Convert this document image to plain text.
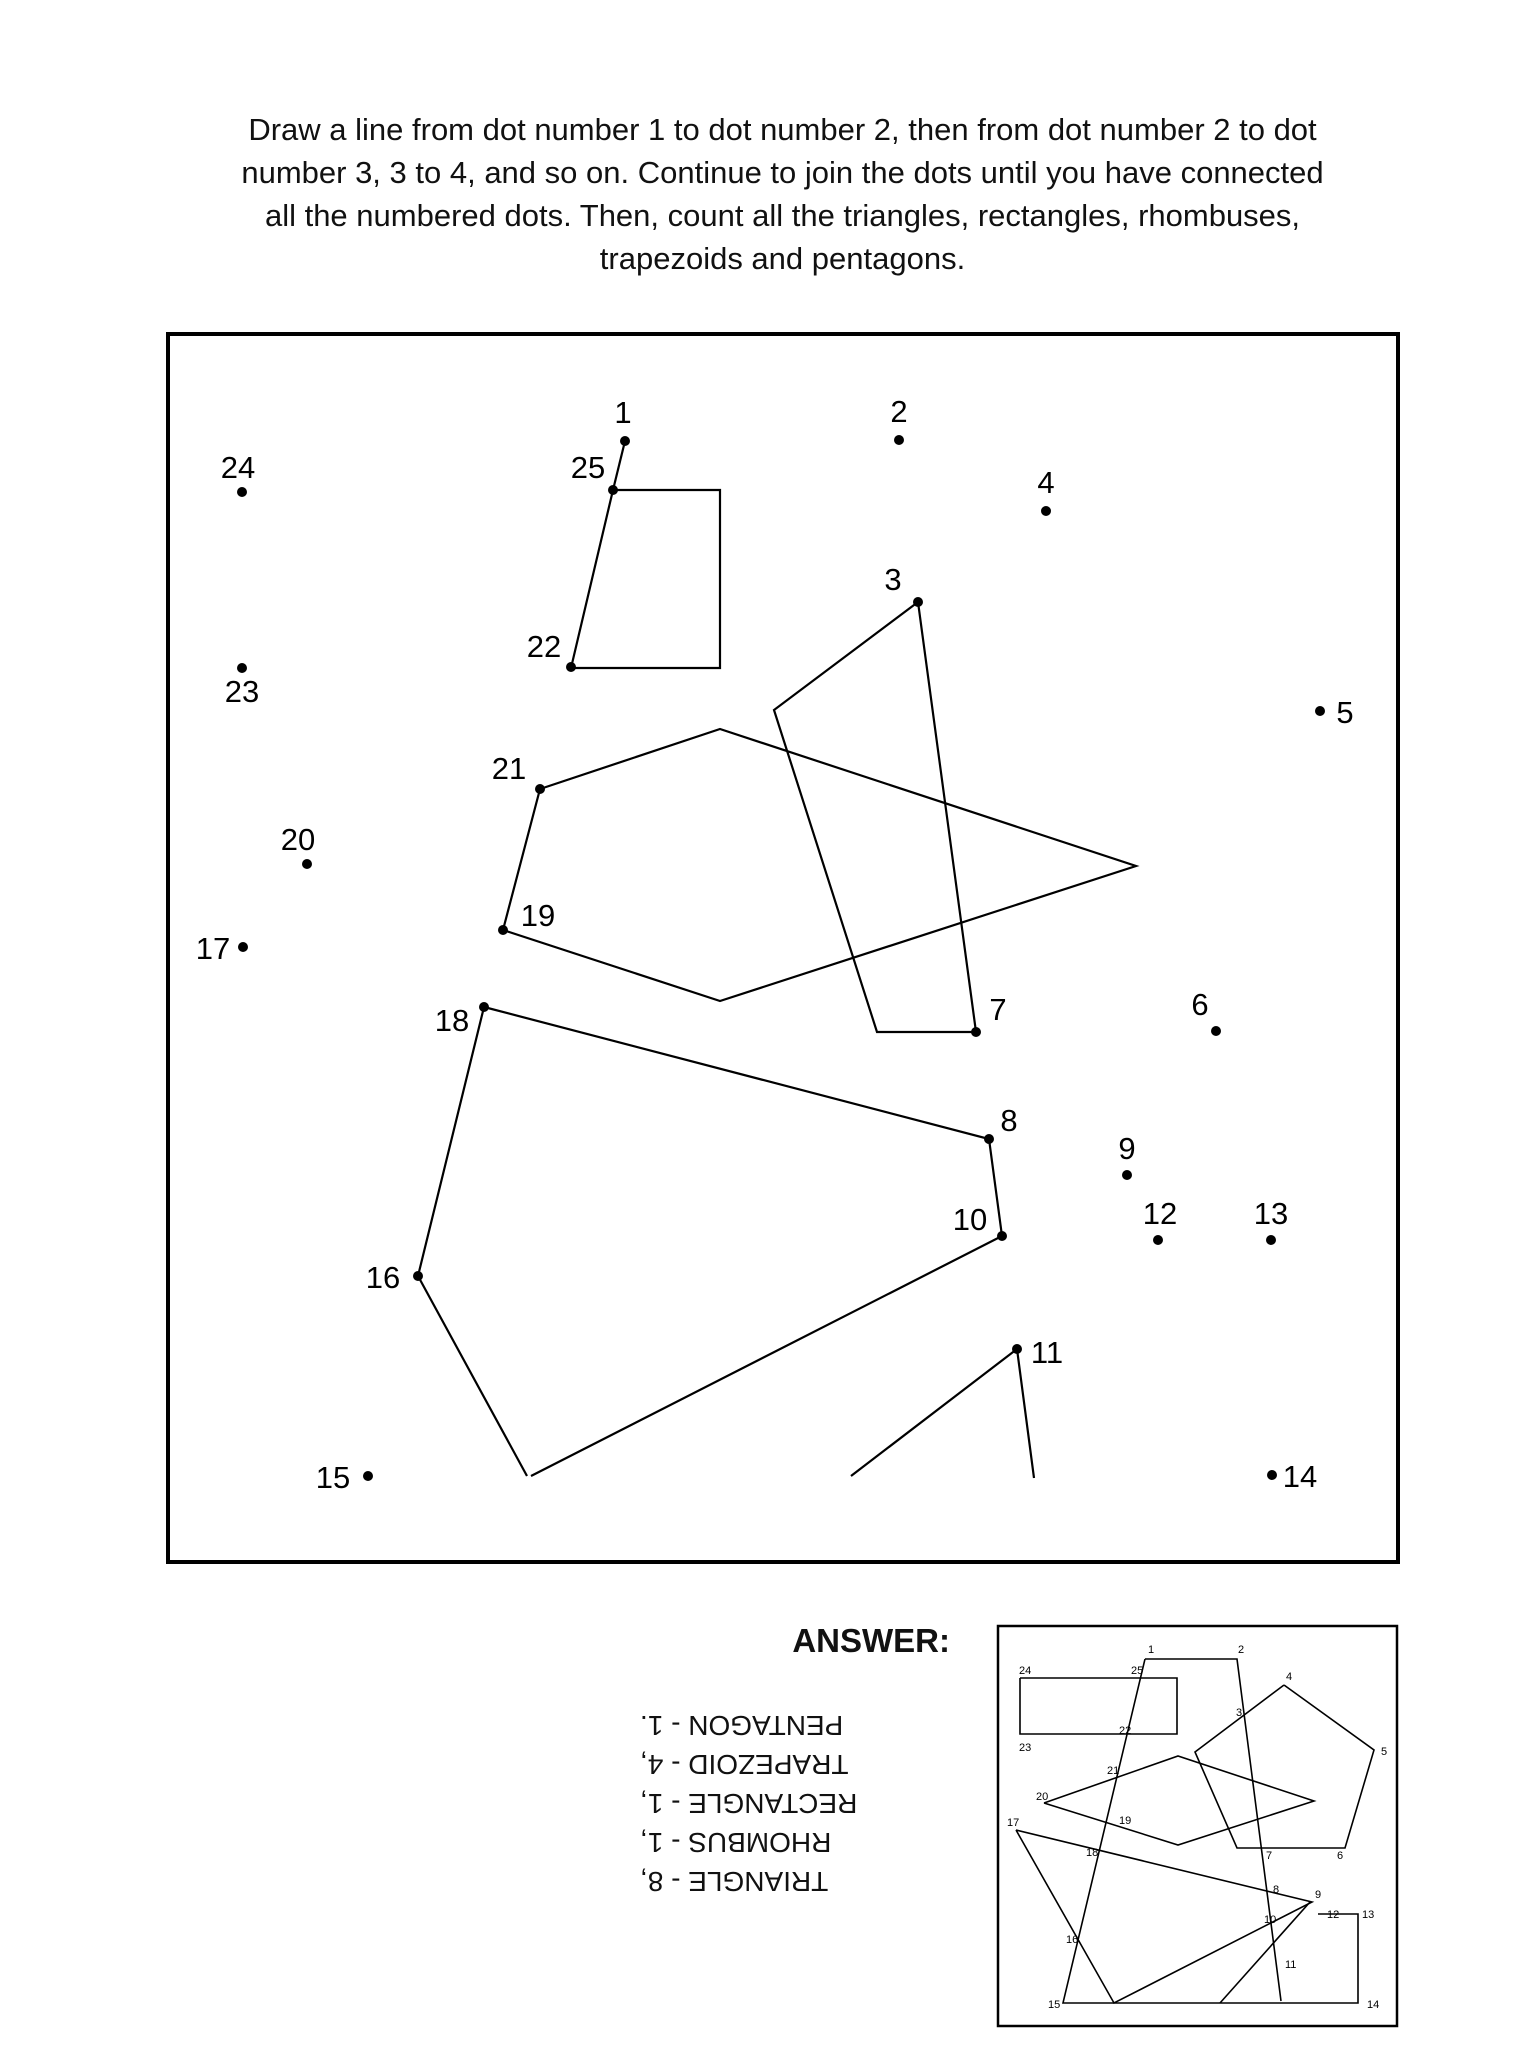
Draw a line from dot number 1 to dot number 2, then from dot number 2 to dot
number 3, 3 to 4, and so on. Continue to join the dots until you have connected
all the numbered dots. Then, count all the triangles, rectangles, rhombuses,
trapezoids and pentagons.

1	2
3
4
5
6
7
8
9
10
11
12 13
14
15
16
17
18
19
20
21
22
23
24	25
1	2
3
4
5
6
7
8	9
10
11
12 13
14
15
16
17
18
19
20
21
22
23
24	25
ANSWER:
TRIANGLE - 8,
RHOMBUS - 1,
RECTANGLE - 1,
TRAPEZOID - 4,
PENTAGON - 1.
